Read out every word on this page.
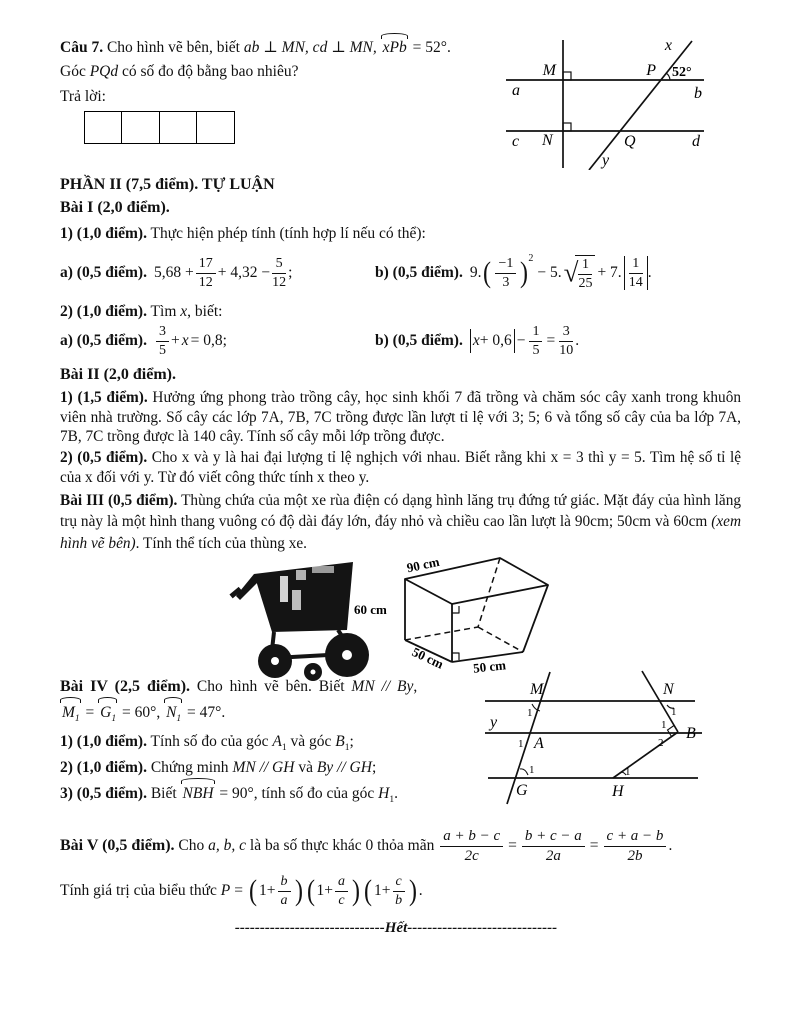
Câu 7. Cho hình vẽ bên, biết ab ⊥ MN, cd ⊥ MN, xPb = 52°.
Góc PQd có số đo độ bằng bao nhiêu?
Trả lời:
M
a
x
P 52°
b
c N	Q	d
y
PHẦN II (7,5 điểm). TỰ LUẬN
Bài I (2,0 điểm).
1) (1,0 điểm). Thực hiện phép tính (tính hợp lí nếu có thể):
a) (0,5 điểm). $5,68 + \frac{17}{12} + 4,32 - \frac{5}{12}$ ;	b) (0,5 điểm). 9. ( $\frac{-1}{3} )^2$
− 5. √ $\frac{1}{25} + 7$. $\frac{1}{14}$ .
2) (1,0 điểm). Tìm x, biết:
a) (0,5 điểm). $\frac{3}{5} + x = 0,8$;	b) (0,5 điểm). $x+ 0,6 - \frac{1}{5} = \frac{3}{10}$ .
Bài II (2,0 điểm).
1) (1,5 điểm). Hưởng ứng phong trào trồng cây, học sinh khối 7 đã trồng và chăm sóc cây xanh trong khuôn viên nhà trường. Số cây các lớp 7A, 7B, 7C trồng được lần lượt tỉ lệ với 3; 5; 6 và tổng số cây của ba lớp 7A, 7B, 7C trồng được là 140 cây. Tính số cây mỗi lớp trồng được.
2) (0,5 điểm). Cho x và y là hai đại lượng tỉ lệ nghịch với nhau. Biết rằng khi x = 3 thì y = 5. Tìm hệ số tỉ lệ của x đối với y. Từ đó viết công thức tính x theo y.
Bài III (0,5 điểm). Thùng chứa của một xe rùa điện có dạng hình lăng trụ đứng tứ giác. Mặt đáy của hình lăng trụ này là một hình thang vuông có độ dài đáy lớn, đáy nhỏ và chiều cao lần lượt là 90cm; 50cm và 60cm (xem hình vẽ bên). Tính thể tích của thùng xe.
90 cm
60 cm
50 cm 50 cm
Bài IV (2,5 điểm). Cho hình vẽ bên. Biết MN // By,
$M_1 = G_1 = 60^\circ$, $N_1 = 47^\circ$.
1) (1,0 điểm). Tính số đo của góc $A_1$ và góc $B_1$;
2) (1,0 điểm). Chứng minh MN // GH và By // GH;
3) (0,5 điểm). Biết NBH = 90°, tính số đo của góc $H_1$.
M	N
y
A
B
G	H
1	1
1
2
1
1	1
Bài V (0,5 điểm). Cho a, b, c là ba số thực khác 0 thỏa mãn $\frac{a + b - c}{2c} = \frac{b + c - a}{2a} = \frac{c + a - b}{2b}$ .
Tính giá trị của biểu thức P = ( $1+ \frac{b}{a}$ ) ( $1+ \frac{a}{c}$ ) ( $1+ \frac{c}{b}$ ) .
------------------------------Hết------------------------------
